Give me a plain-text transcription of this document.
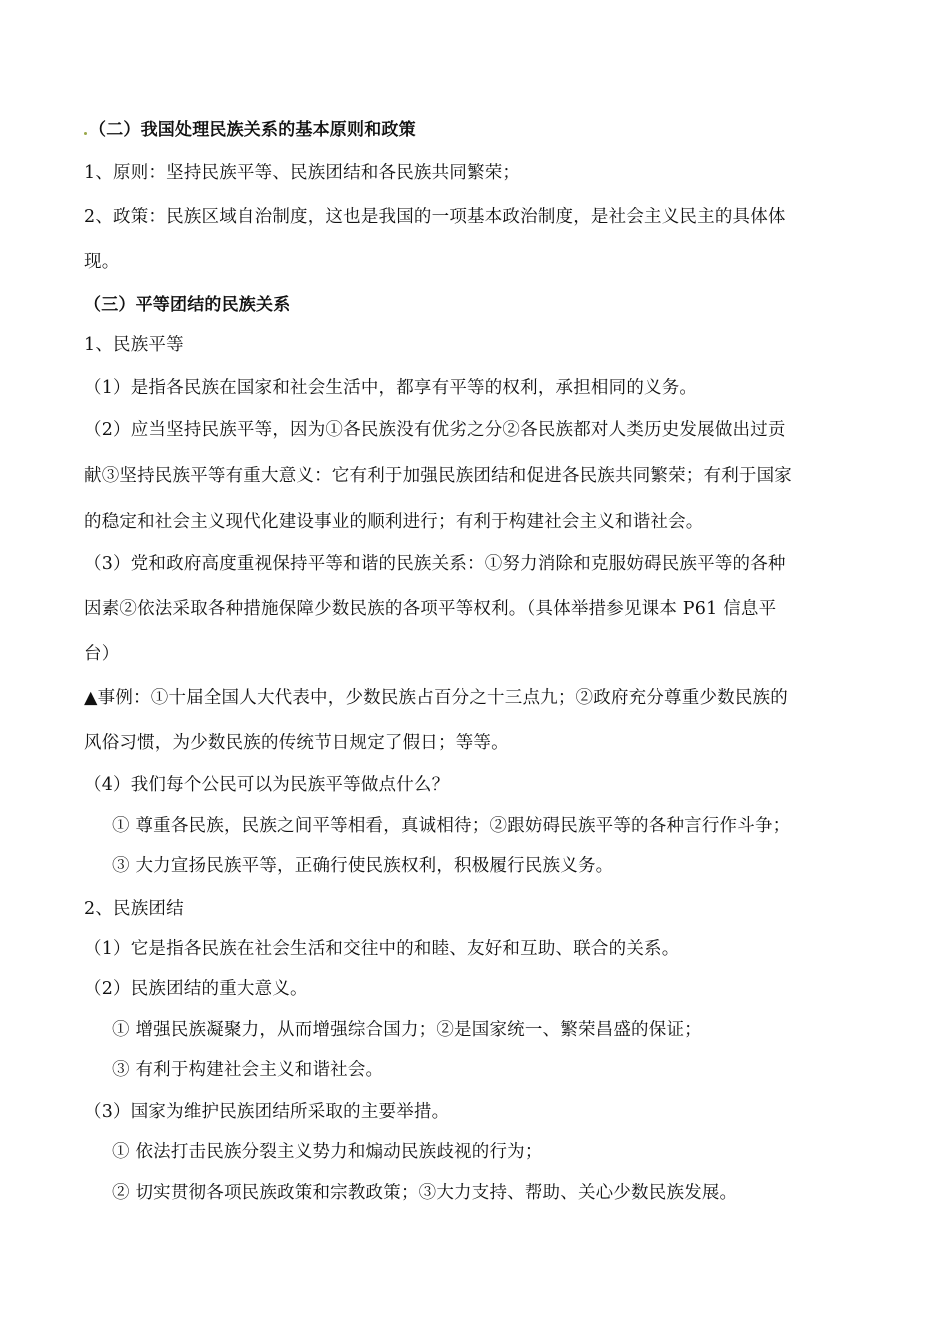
（二）我国处理民族关系的基本原则和政策
1、原则：坚持民族平等、民族团结和各民族共同繁荣；
2、政策：民族区域自治制度，这也是我国的一项基本政治制度，是社会主义民主的具体体
现。
（三）平等团结的民族关系
1、民族平等
（1）是指各民族在国家和社会生活中，都享有平等的权利，承担相同的义务。
（2）应当坚持民族平等，因为①各民族没有优劣之分②各民族都对人类历史发展做出过贡
献③坚持民族平等有重大意义：它有利于加强民族团结和促进各民族共同繁荣；有利于国家
的稳定和社会主义现代化建设事业的顺利进行；有利于构建社会主义和谐社会。
（3）党和政府高度重视保持平等和谐的民族关系：①努力消除和克服妨碍民族平等的各种
因素②依法采取各种措施保障少数民族的各项平等权利。（具体举措参见课本 P61 信息平
台）
▲事例：①十届全国人大代表中，少数民族占百分之十三点九；②政府充分尊重少数民族的
风俗习惯，为少数民族的传统节日规定了假日；等等。
（4）我们每个公民可以为民族平等做点什么？
① 尊重各民族，民族之间平等相看，真诚相待；②跟妨碍民族平等的各种言行作斗争；
③ 大力宣扬民族平等，正确行使民族权利，积极履行民族义务。
2、民族团结
（1）它是指各民族在社会生活和交往中的和睦、友好和互助、联合的关系。
（2）民族团结的重大意义。
① 增强民族凝聚力，从而增强综合国力；②是国家统一、繁荣昌盛的保证；
③ 有利于构建社会主义和谐社会。
（3）国家为维护民族团结所采取的主要举措。
① 依法打击民族分裂主义势力和煽动民族歧视的行为；
② 切实贯彻各项民族政策和宗教政策；③大力支持、帮助、关心少数民族发展。
